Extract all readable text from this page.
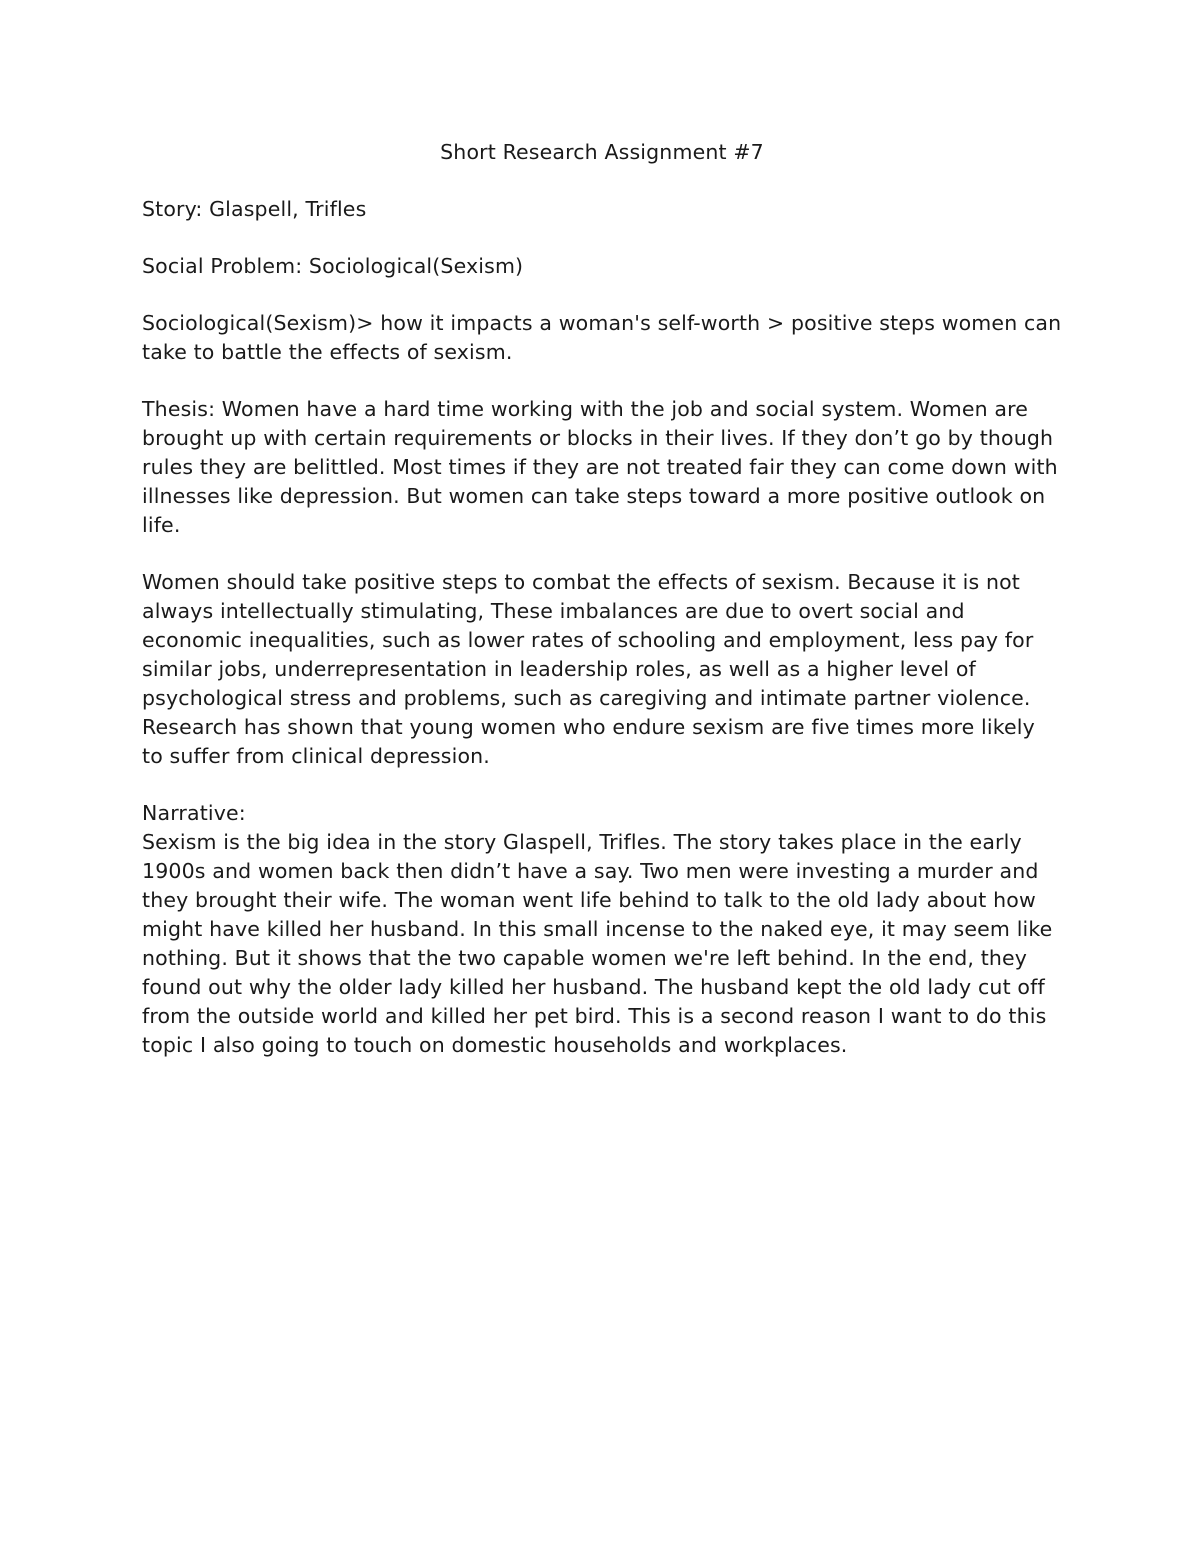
Short Research Assignment #7

Story: Glaspell, Trifles

Social Problem: Sociological(Sexism)

Sociological(Sexism)> how it impacts a woman's self-worth > positive steps women can take to battle the effects of sexism.

Thesis: Women have a hard time working with the job and social system. Women are brought up with certain requirements or blocks in their lives. If they don’t go by though rules they are belittled. Most times if they are not treated fair they can come down with illnesses like depression. But women can take steps toward a more positive outlook on life.

Women should take positive steps to combat the effects of sexism. Because it is not always intellectually stimulating, These imbalances are due to overt social and economic inequalities, such as lower rates of schooling and employment, less pay for similar jobs, underrepresentation in leadership roles, as well as a higher level of psychological stress and problems, such as caregiving and intimate partner violence. Research has shown that young women who endure sexism are five times more likely to suffer from clinical depression.

Narrative:

Sexism is the big idea in the story Glaspell, Trifles. The story takes place in the early 1900s and women back then didn’t have a say. Two men were investing a murder and they brought their wife. The woman went life behind to talk to the old lady about how might have killed her husband. In this small incense to the naked eye, it may seem like nothing. But it shows that the two capable women we're left behind. In the end, they found out why the older lady killed her husband. The husband kept the old lady cut off from the outside world and killed her pet bird. This is a second reason I want to do this topic I also going to touch on domestic households and workplaces.
